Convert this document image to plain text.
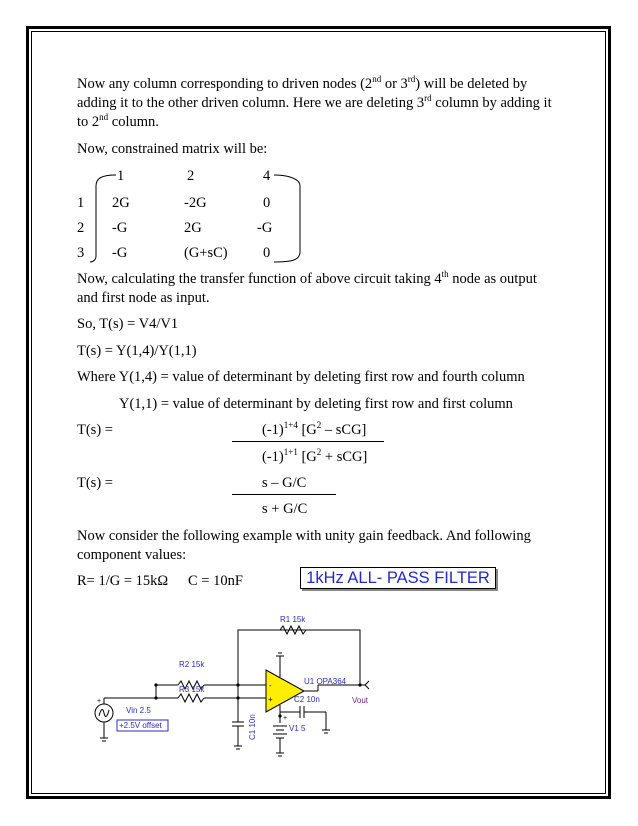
Now any column corresponding to driven nodes (2nd or 3rd) will be deleted by
adding it to the other driven column. Here we are deleting 3rd column by adding it
to 2nd column.
Now, constrained matrix will be:
1	2	4
1 2G	-2G	0
2 -G	2G	-G
3 -G	(G+sC) 0
Now, calculating the transfer function of above circuit taking 4th node as output
and first node as input.
So, T(s) = V4/V1
T(s) = Y(1,4)/Y(1,1)
Where Y(1,4) = value of determinant by deleting first row and fourth column
Y(1,1) = value of determinant by deleting first row and first column
T(s) =	$(-1)^{1+4}$ $[G^2 - sCG]$
$(-1)^{1+1}$ $[G^2 + sCG]$
T(s) =	s – G/C
s + G/C
Now consider the following example with unity gain feedback. And following
component values:
R= 1/G = 15kΩ C = 10nF	1kHz ALL- PASS FILTER
R1 15k
R2 15k
R3 15k
+
Vin 2.5
+2.5V offset	C1 10n
-
+
U1 OPA364
Vout
C2 10n
+
V1 5
